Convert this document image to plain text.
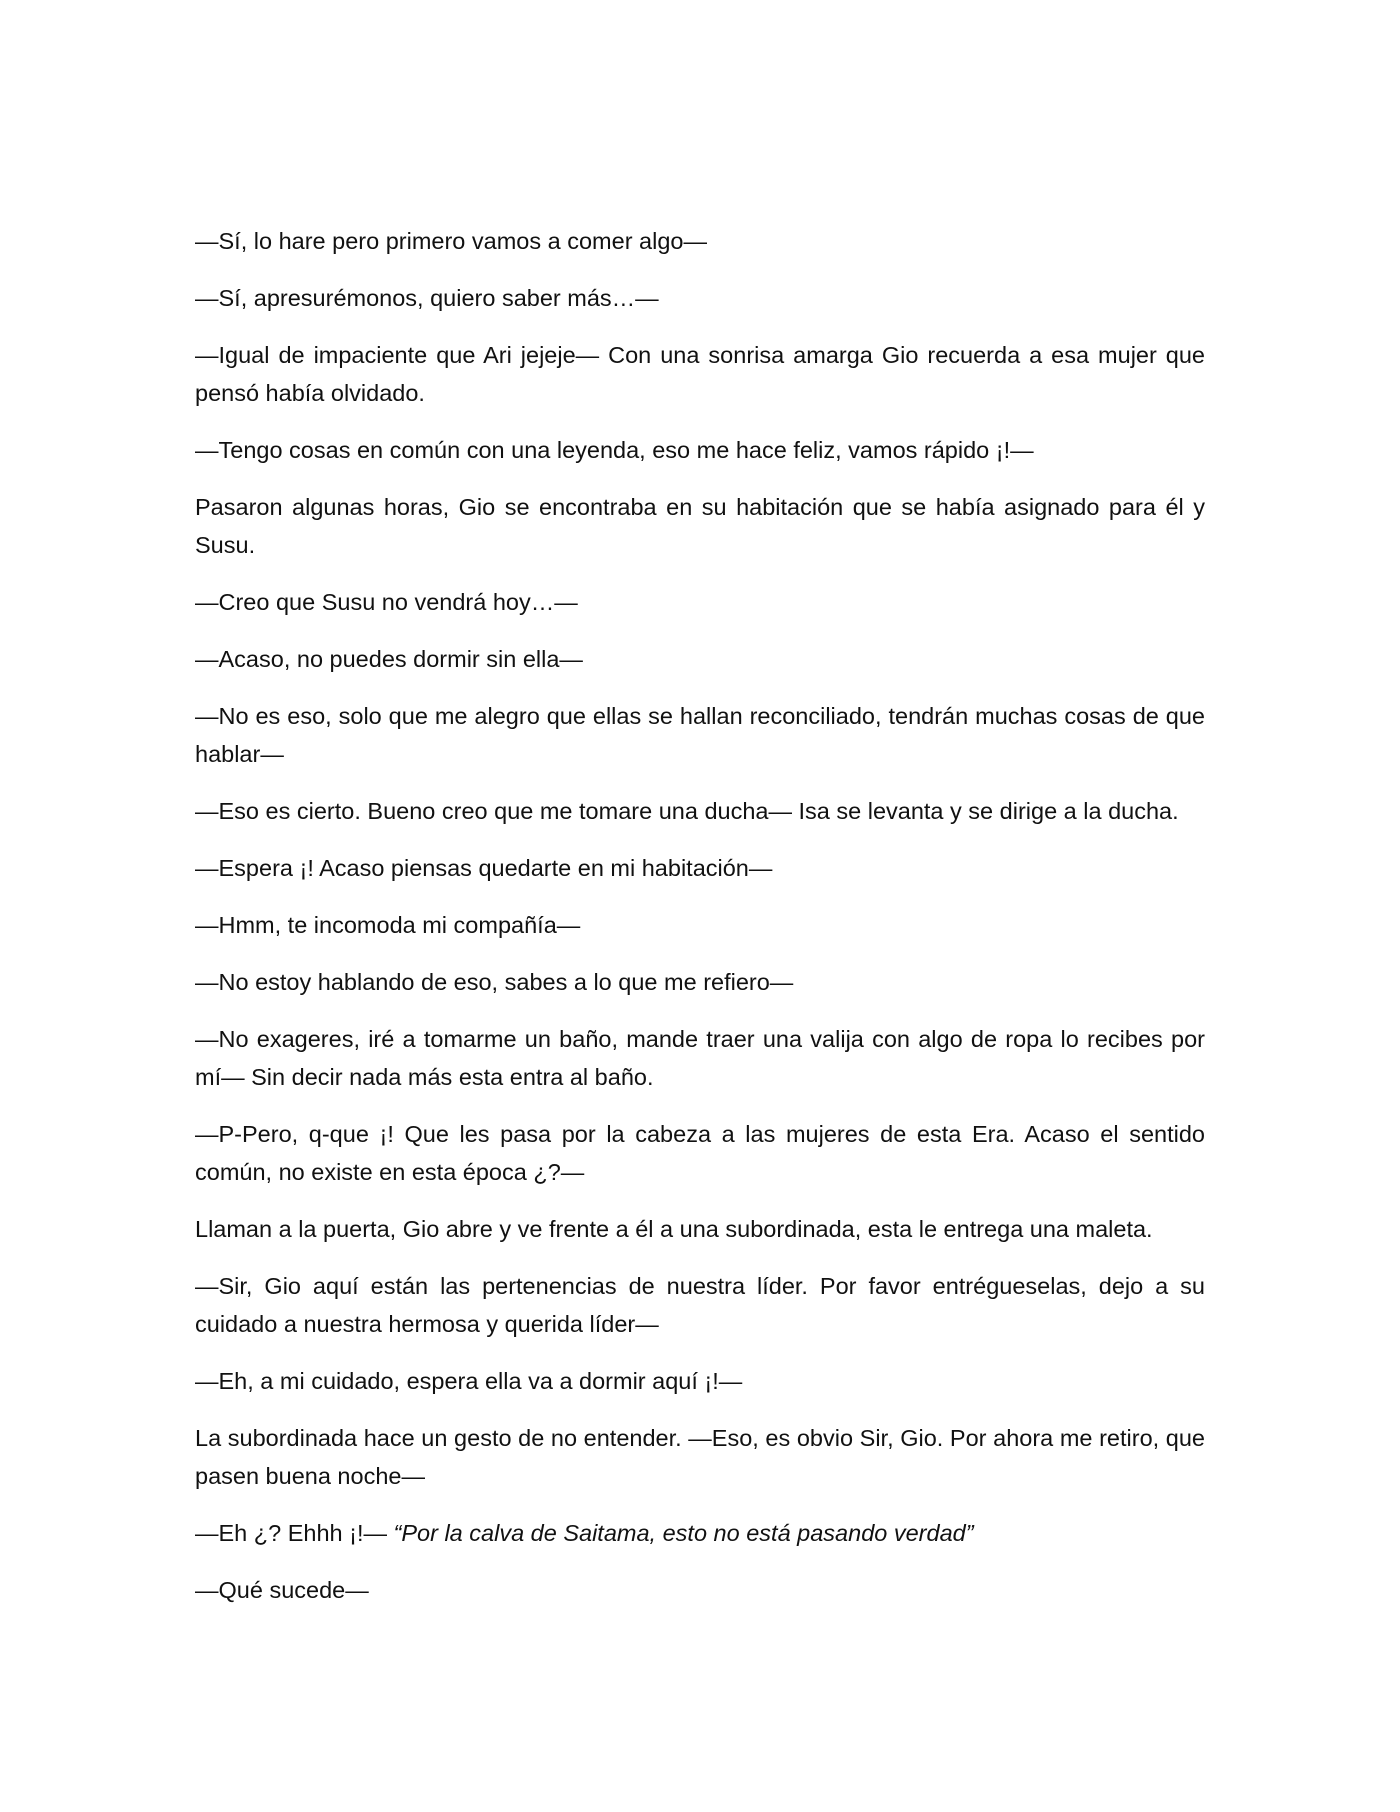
—Sí, lo hare pero primero vamos a comer algo—

—Sí, apresurémonos, quiero saber más…—

—Igual de impaciente que Ari jejeje— Con una sonrisa amarga Gio recuerda a esa mujer que pensó había olvidado.

—Tengo cosas en común con una leyenda, eso me hace feliz, vamos rápido ¡!—

Pasaron algunas horas, Gio se encontraba en su habitación que se había asignado para él y Susu.

—Creo que Susu no vendrá hoy…—

—Acaso, no puedes dormir sin ella—

—No es eso, solo que me alegro que ellas se hallan reconciliado, tendrán muchas cosas de que hablar—

—Eso es cierto. Bueno creo que me tomare una ducha— Isa se levanta y se dirige a la ducha.

—Espera ¡! Acaso piensas quedarte en mi habitación—

—Hmm, te incomoda mi compañía—

—No estoy hablando de eso, sabes a lo que me refiero—

—No exageres, iré a tomarme un baño, mande traer una valija con algo de ropa lo recibes por mí— Sin decir nada más esta entra al baño.

—P-Pero, q-que ¡! Que les pasa por la cabeza a las mujeres de esta Era. Acaso el sentido común, no existe en esta época ¿?—

Llaman a la puerta, Gio abre y ve frente a él a una subordinada, esta le entrega una maleta.

—Sir, Gio aquí están las pertenencias de nuestra líder. Por favor entrégueselas, dejo a su cuidado a nuestra hermosa y querida líder—

—Eh, a mi cuidado, espera ella va a dormir aquí ¡!—

La subordinada hace un gesto de no entender. —Eso, es obvio Sir, Gio. Por ahora me retiro, que pasen buena noche—

—Eh ¿? Ehhh ¡!— “Por la calva de Saitama, esto no está pasando verdad”

—Qué sucede—
